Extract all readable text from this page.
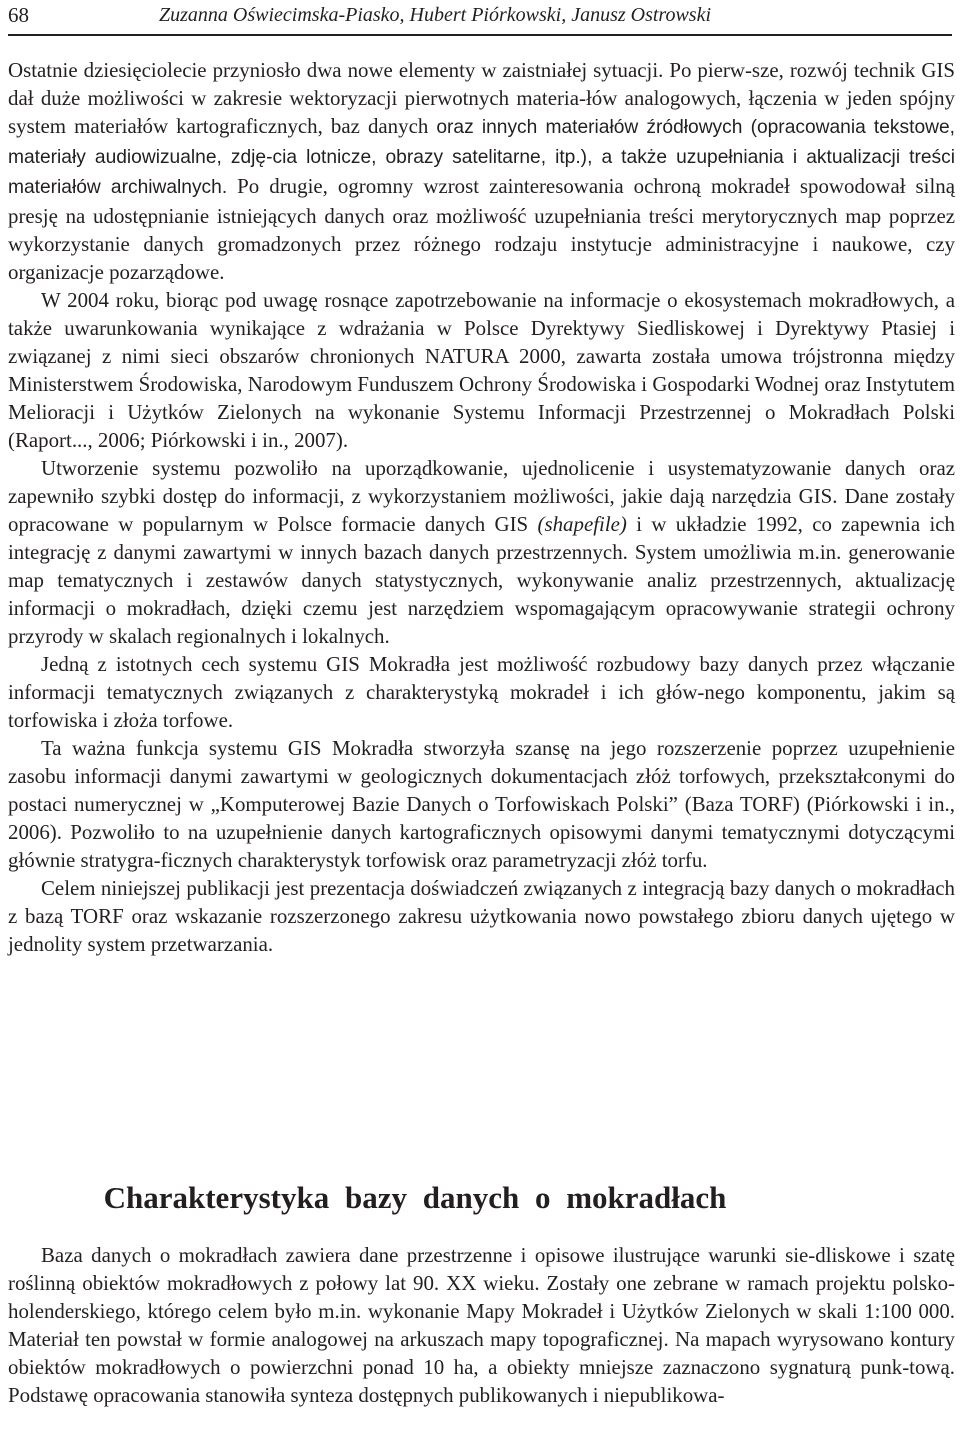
68	Zuzanna Oświecimska-Piasko, Hubert Piórkowski, Janusz Ostrowski

Ostatnie dziesięciolecie przyniosło dwa nowe elementy w zaistniałej sytuacji. Po pierw-sze, rozwój technik GIS dał duże możliwości w zakresie wektoryzacji pierwotnych materia-łów analogowych, łączenia w jeden spójny system materiałów kartograficznych, baz danych oraz innych materiałów źródłowych (opracowania tekstowe, materiały audiowizualne, zdję-cia lotnicze, obrazy satelitarne, itp.), a także uzupełniania i aktualizacji treści materiałów archiwalnych. Po drugie, ogromny wzrost zainteresowania ochroną mokradeł spowodował silną presję na udostępnianie istniejących danych oraz możliwość uzupełniania treści merytorycznych map poprzez wykorzystanie danych gromadzonych przez różnego rodzaju instytucje administracyjne i naukowe, czy organizacje pozarządowe.

W 2004 roku, biorąc pod uwagę rosnące zapotrzebowanie na informacje o ekosystemach mokradłowych, a także uwarunkowania wynikające z wdrażania w Polsce Dyrektywy Siedliskowej i Dyrektywy Ptasiej i związanej z nimi sieci obszarów chronionych NATURA 2000, zawarta została umowa trójstronna między Ministerstwem Środowiska, Narodowym Funduszem Ochrony Środowiska i Gospodarki Wodnej oraz Instytutem Melioracji i Użytków Zielonych na wykonanie Systemu Informacji Przestrzennej o Mokradłach Polski (Raport..., 2006; Piórkowski i in., 2007).

Utworzenie systemu pozwoliło na uporządkowanie, ujednolicenie i usystematyzowanie danych oraz zapewniło szybki dostęp do informacji, z wykorzystaniem możliwości, jakie dają narzędzia GIS. Dane zostały opracowane w popularnym w Polsce formacie danych GIS (shapefile) i w układzie 1992, co zapewnia ich integrację z danymi zawartymi w innych bazach danych przestrzennych. System umożliwia m.in. generowanie map tematycznych i zestawów danych statystycznych, wykonywanie analiz przestrzennych, aktualizację informacji o mokradłach, dzięki czemu jest narzędziem wspomagającym opracowywanie strategii ochrony przyrody w skalach regionalnych i lokalnych.

Jedną z istotnych cech systemu GIS Mokradła jest możliwość rozbudowy bazy danych przez włączanie informacji tematycznych związanych z charakterystyką mokradeł i ich głów-nego komponentu, jakim są torfowiska i złoża torfowe.

Ta ważna funkcja systemu GIS Mokradła stworzyła szansę na jego rozszerzenie poprzez uzupełnienie zasobu informacji danymi zawartymi w geologicznych dokumentacjach złóż torfowych, przekształconymi do postaci numerycznej w „Komputerowej Bazie Danych o Torfowiskach Polski” (Baza TORF) (Piórkowski i in., 2006). Pozwoliło to na uzupełnienie danych kartograficznych opisowymi danymi tematycznymi dotyczącymi głównie stratygra-ficznych charakterystyk torfowisk oraz parametryzacji złóż torfu.

Celem niniejszej publikacji jest prezentacja doświadczeń związanych z integracją bazy danych o mokradłach z bazą TORF oraz wskazanie rozszerzonego zakresu użytkowania nowo powstałego zbioru danych ujętego w jednolity system przetwarzania.

Charakterystyka bazy danych o mokradłach

Baza danych o mokradłach zawiera dane przestrzenne i opisowe ilustrujące warunki sie-dliskowe i szatę roślinną obiektów mokradłowych z połowy lat 90. XX wieku. Zostały one zebrane w ramach projektu polsko-holenderskiego, którego celem było m.in. wykonanie Mapy Mokradeł i Użytków Zielonych w skali 1:100 000. Materiał ten powstał w formie analogowej na arkuszach mapy topograficznej. Na mapach wyrysowano kontury obiektów mokradłowych o powierzchni ponad 10 ha, a obiekty mniejsze zaznaczono sygnaturą punk-tową. Podstawę opracowania stanowiła synteza dostępnych publikowanych i niepublikowa-
